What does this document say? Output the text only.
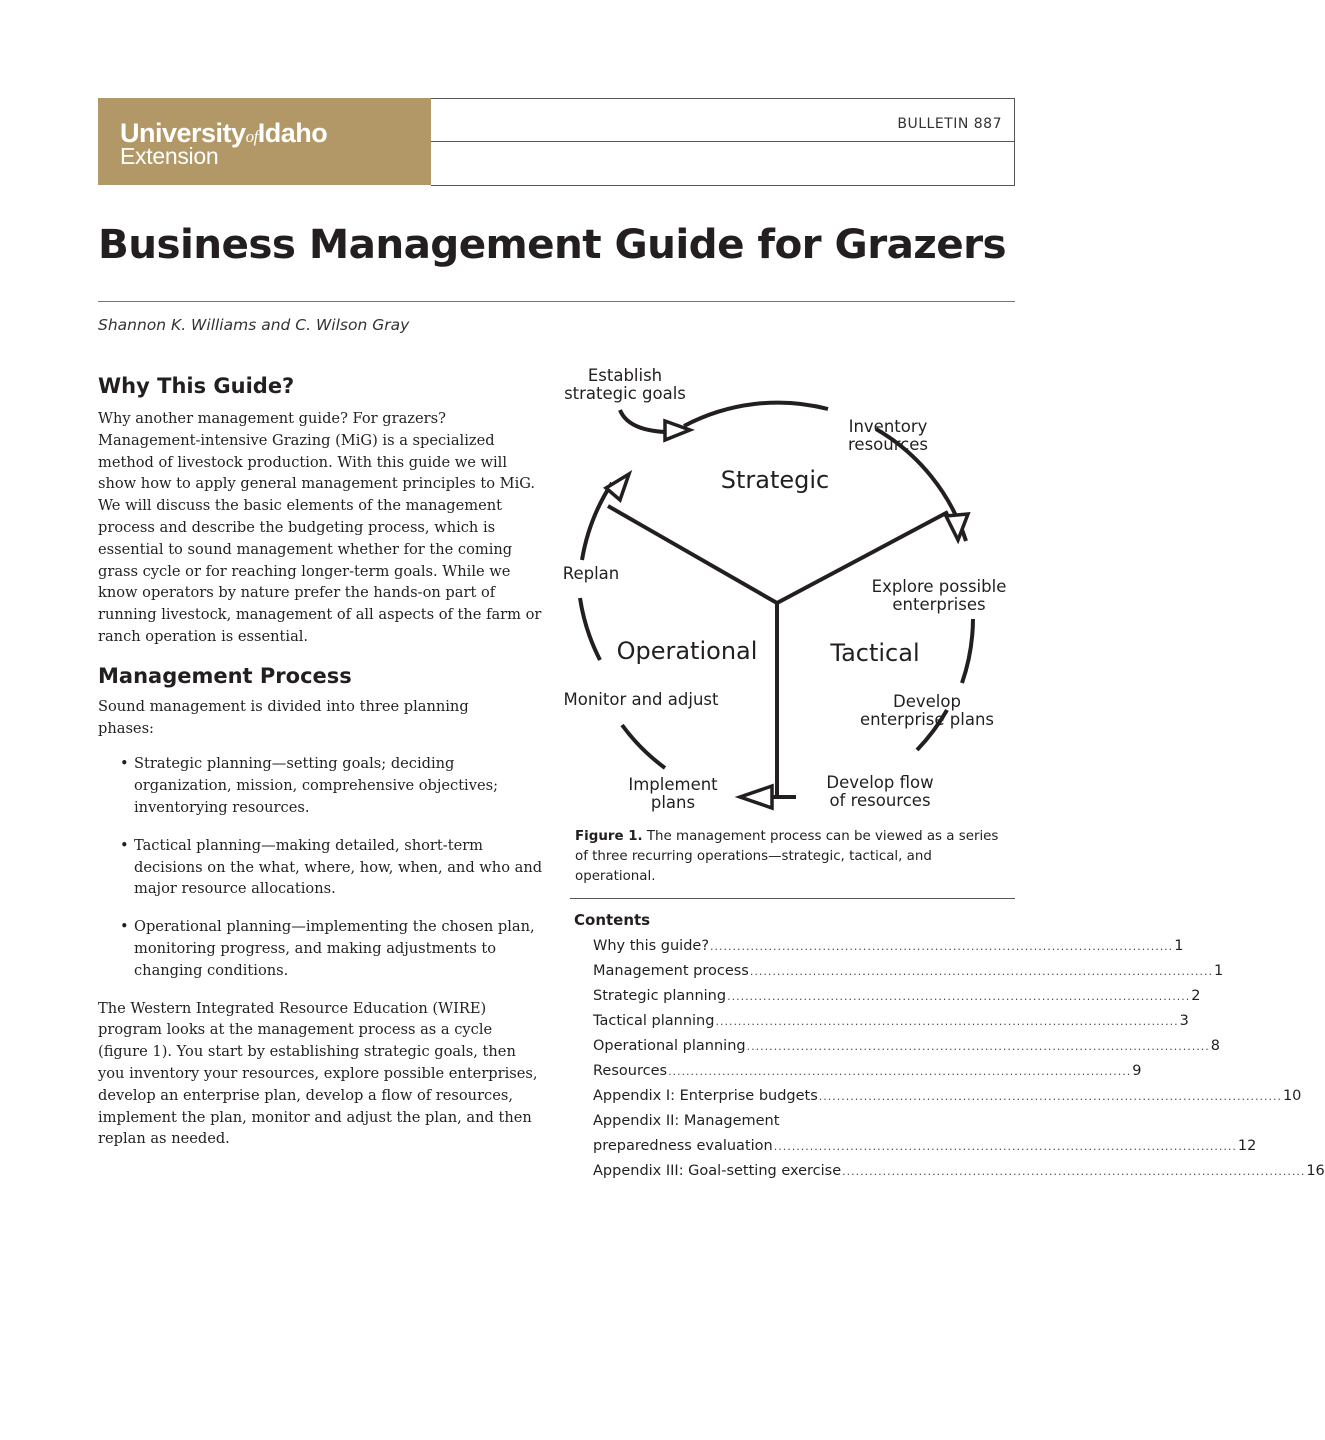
UniversityofIdaho
Extension
BULLETIN 887
Business Management Guide for Grazers
Shannon K. Williams and C. Wilson Gray
Why This Guide?

Why another management guide? For grazers? Management-intensive Grazing (MiG) is a specialized method of livestock production. With this guide we will show how to apply general management principles to MiG. We will discuss the basic elements of the management process and describe the budgeting process, which is essential to sound management whether for the coming grass cycle or for reaching longer-term goals. While we know operators by nature prefer the hands-on part of running livestock, management of all aspects of the farm or ranch operation is essential.

Management Process

Sound management is divided into three planning phases:

• Strategic planning—setting goals; deciding organization, mission, comprehensive objectives; inventorying resources.
• Tactical planning—making detailed, short-term decisions on the what, where, how, when, and who and major resource allocations.
• Operational planning—implementing the chosen plan, monitoring progress, and making adjustments to changing conditions.

The Western Integrated Resource Education (WIRE) program looks at the management process as a cycle (figure 1). You start by establishing strategic goals, then you inventory your resources, explore possible enterprises, develop an enterprise plan, develop a flow of resources, implement the plan, monitor and adjust the plan, and then replan as needed.

Strategic
Tactical
Operational
Establish
strategic goals
Inventory
resources
Explore possible
enterprises
Develop
enterprise plans
Develop flow
of resources
Implement
plans
Monitor and adjust
Replan
Figure 1. The management process can be viewed as a series of three recurring operations—strategic, tactical, and operational.
Contents
Why this guide? ....................................................................................................... 1
Management process ....................................................................................................... 1
Strategic planning ....................................................................................................... 2
Tactical planning ....................................................................................................... 3
Operational planning ....................................................................................................... 8
Resources ....................................................................................................... 9
Appendix I: Enterprise budgets ....................................................................................................... 10
Appendix II: Management
preparedness evaluation ....................................................................................................... 12
Appendix III: Goal-setting exercise ....................................................................................................... 16
